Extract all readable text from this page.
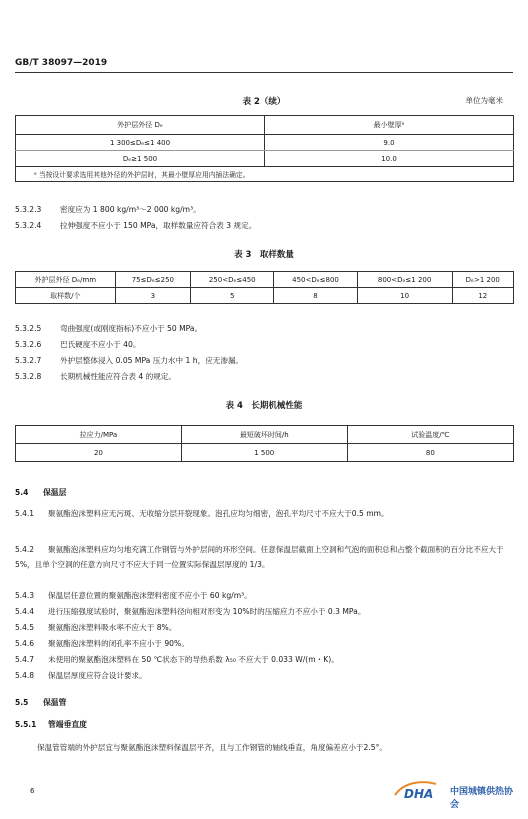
GB/T 38097—2019
表 2（续）	单位为毫米
外护层外径 Dₑ	最小壁厚ᵃ
1 300≤Dₑ≤1 400	9.0
Dₑ≥1 500	10.0
ᵃ 当按设计要求选用其他外径的外护层时，其最小壁厚应用内插法确定。	
5.3.2.3 密度应为 1 800 kg/m³～2 000 kg/m³。
5.3.2.4 拉伸强度不应小于 150 MPa，取样数量应符合表 3 规定。
表 3　取样数量
外护层外径 Dₑ/mm	75≤Dₑ≤250	250<Dₑ≤450	450<Dₑ≤800	800<Dₑ≤1 200	Dₑ>1 200
取样数/个	3	5	8	10	12
5.3.2.5 弯曲强度(或刚度指标)不应小于 50 MPa。
5.3.2.6 巴氏硬度不应小于 40。
5.3.2.7 外护层整体浸入 0.05 MPa 压力水中 1 h，应无渗漏。
5.3.2.8 长期机械性能应符合表 4 的规定。
表 4　长期机械性能
拉应力/MPa	最短破坏时间/h	试验温度/℃
20	1 500	80
5.4 保温层
5.4.1 聚氨酯泡沫塑料应无污斑、无收缩分层开裂现象。泡孔应均匀细密，泡孔平均尺寸不应大于0.5 mm。
5.4.2 聚氨酯泡沫塑料应均匀地充满工作钢管与外护层间的环形空间。任意保温层截面上空洞和气泡的面积总和占整个截面积的百分比不应大于 5%，且单个空洞的任意方向尺寸不应大于同一位置实际保温层厚度的 1/3。
5.4.3 保温层任意位置的聚氨酯泡沫塑料密度不应小于 60 kg/m³。
5.4.4 进行压缩强度试验时，聚氨酯泡沫塑料径向相对形变为 10%时的压缩应力不应小于 0.3 MPa。
5.4.5 聚氨酯泡沫塑料吸水率不应大于 8%。
5.4.6 聚氨酯泡沫塑料的闭孔率不应小于 90%。
5.4.7 未使用的聚氨酯泡沫塑料在 50 ℃状态下的导热系数 λ₅₀ 不应大于 0.033 W/(m・K)。
5.4.8 保温层厚度应符合设计要求。
5.5 保温管
5.5.1 管端垂直度
保温管管端的外护层宜与聚氨酯泡沫塑料保温层平齐，且与工作钢管的轴线垂直，角度偏差应小于2.5°。
6	DHA 中国城镇供热协会
